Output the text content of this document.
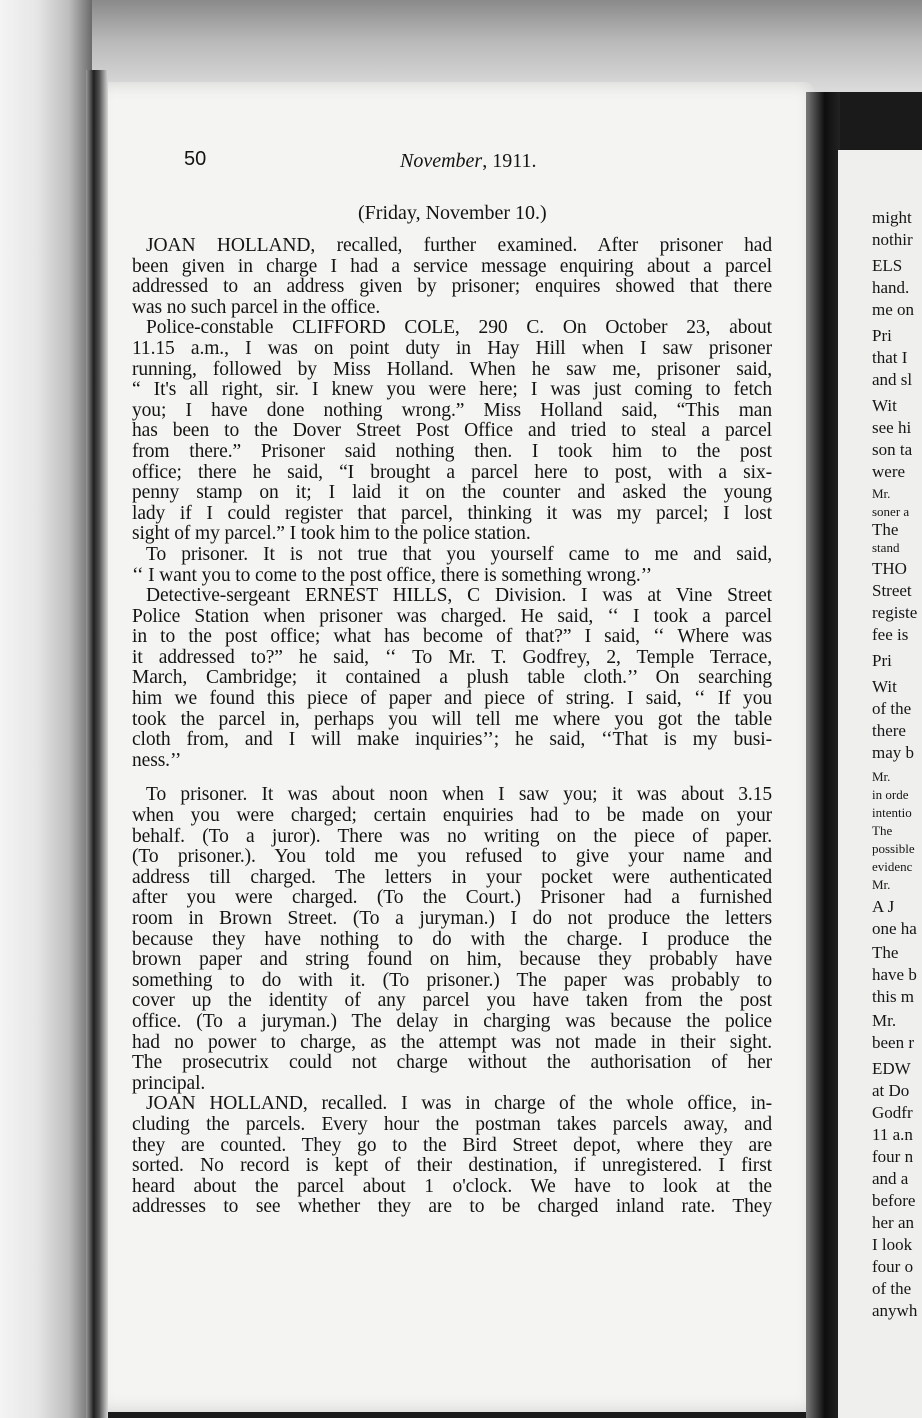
50	November, 1911.
(Friday, November 10.)
JOAN HOLLAND, recalled, further examined. After prisoner had
been given in charge I had a service message enquiring about a parcel
addressed to an address given by prisoner; enquires showed that there
was no such parcel in the office.
Police-constable CLIFFORD COLE, 290 C. On October 23, about
11.15 a.m., I was on point duty in Hay Hill when I saw prisoner
running, followed by Miss Holland. When he saw me, prisoner said,
“ It's all right, sir. I knew you were here; I was just coming to fetch
you; I have done nothing wrong.” Miss Holland said, “This man
has been to the Dover Street Post Office and tried to steal a parcel
from there.” Prisoner said nothing then. I took him to the post
office; there he said, “I brought a parcel here to post, with a six-
penny stamp on it; I laid it on the counter and asked the young
lady if I could register that parcel, thinking it was my parcel; I lost
sight of my parcel.” I took him to the police station.
To prisoner. It is not true that you yourself came to me and said,
‘‘ I want you to come to the post office, there is something wrong.’’
Detective-sergeant ERNEST HILLS, C Division. I was at Vine Street
Police Station when prisoner was charged. He said, ‘‘ I took a parcel
in to the post office; what has become of that?” I said, ‘‘ Where was
it addressed to?” he said, ‘‘ To Mr. T. Godfrey, 2, Temple Terrace,
March, Cambridge; it contained a plush table cloth.’’ On searching
him we found this piece of paper and piece of string. I said, ‘‘ If you
took the parcel in, perhaps you will tell me where you got the table
cloth from, and I will make inquiries’’; he said, ‘‘That is my busi-
ness.’’
To prisoner. It was about noon when I saw you; it was about 3.15
when you were charged; certain enquiries had to be made on your
behalf. (To a juror). There was no writing on the piece of paper.
(To prisoner.). You told me you refused to give your name and
address till charged. The letters in your pocket were authenticated
after you were charged. (To the Court.) Prisoner had a furnished
room in Brown Street. (To a juryman.) I do not produce the letters
because they have nothing to do with the charge. I produce the
brown paper and string found on him, because they probably have
something to do with it. (To prisoner.) The paper was probably to
cover up the identity of any parcel you have taken from the post
office. (To a juryman.) The delay in charging was because the police
had no power to charge, as the attempt was not made in their sight.
The prosecutrix could not charge without the authorisation of her
principal.
JOAN HOLLAND, recalled. I was in charge of the whole office, in-
cluding the parcels. Every hour the postman takes parcels away, and
they are counted. They go to the Bird Street depot, where they are
sorted. No record is kept of their destination, if unregistered. I first
heard about the parcel about 1 o'clock. We have to look at the
addresses to see whether they are to be charged inland rate. They
might
nothir
ELS
hand.
me on
Pri
that I
and sl
Wit
see hi
son ta
were
Mr.
soner a
The
stand
THO
Street
registe
fee is
Pri
Wit
of the
there
may b
Mr.
in orde
intentio
The
possible
evidenc
Mr.
A J
one ha
The
have b
this m
Mr.
been r
EDW
at Do
Godfr
11 a.n
four n
and a
before
her an
I look
four o
of the
anywh
